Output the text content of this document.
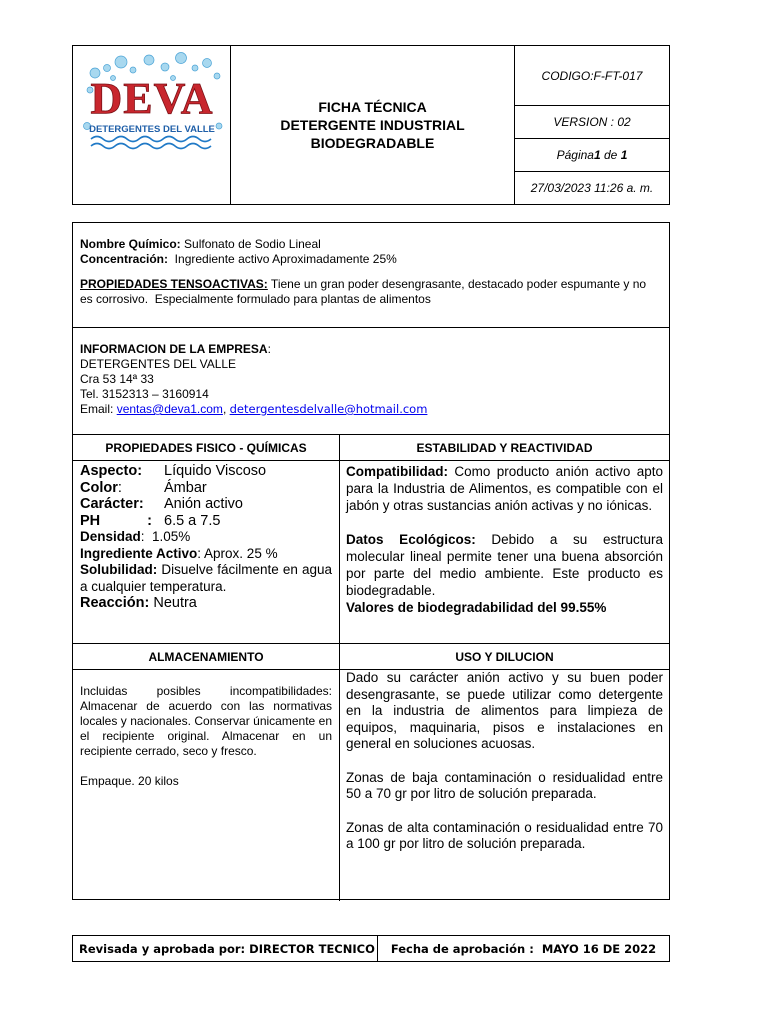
DEVA
DETERGENTES DEL VALLE
FICHA TÉCNICA
DETERGENTE INDUSTRIAL
BIODEGRADABLE
CODIGO:F-FT-017
VERSION : 02
Página 1 de 1
27/03/2023 11:26 a. m.
Nombre Químico: Sulfonato de Sodio Lineal
Concentración:  Ingrediente activo Aproximadamente 25%
PROPIEDADES TENSOACTIVAS: Tiene un gran poder desengrasante, destacado poder espumante y no es corrosivo.  Especialmente formulado para plantas de alimentos
INFORMACION DE LA EMPRESA:
DETERGENTES DEL VALLE
Cra 53 14ª 33
Tel. 3152313 – 3160914
Email: ventas@deva1.com, detergentesdelvalle@hotmail.com
PROPIEDADES FISICO - QUÍMICAS	ESTABILIDAD Y REACTIVIDAD
Aspecto:	Líquido Viscoso
Color:	Ámbar
Carácter:	Anión activo
PH	: 6.5 a 7.5
Densidad: 1.05%
Ingrediente Activo : Aprox. 25 %
Solubilidad: Disuelve fácilmente en agua a cualquier temperatura.
Reacción: Neutra
Compatibilidad: Como producto anión activo apto para la Industria de Alimentos, es compatible con el jabón y otras sustancias anión activas y no iónicas.
Datos Ecológicos: Debido a su estructura molecular lineal permite tener una buena absorción por parte del medio ambiente. Este producto es biodegradable.
Valores de biodegradabilidad del 99.55%
ALMACENAMIENTO	USO Y DILUCION
Incluidas posibles incompatibilidades: Almacenar de acuerdo con las normativas locales y nacionales. Conservar únicamente en el recipiente original. Almacenar en un recipiente cerrado, seco y fresco.
Empaque. 20 kilos

Dado su carácter anión activo y su buen poder desengrasante, se puede utilizar como detergente en la industria de alimentos para limpieza de equipos, maquinaria, pisos e instalaciones en general en soluciones acuosas.

Zonas de baja contaminación o residualidad entre 50 a 70 gr por litro de solución preparada.

Zonas de alta contaminación o residualidad entre 70 a 100 gr por litro de solución preparada.

Revisada y aprobada por: DIRECTOR TECNICO	Fecha de aprobación :  MAYO 16 DE 2022
